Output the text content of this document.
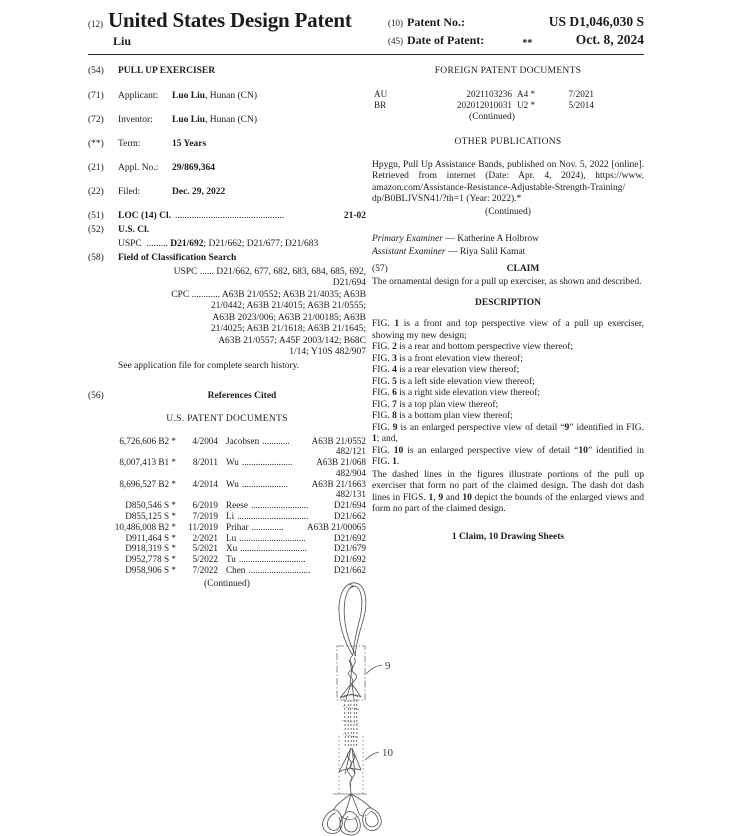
(12) United States Design Patent
Liu
(10) Patent No.:	US D1,046,030 S
(45) Date of Patent:	**	Oct. 8, 2024
(54)	PULL UP EXERCISER
(71)	Applicant:	Luo Liu, Hunan (CN)
(72)	Inventor:	Luo Liu, Hunan (CN)
(**)	Term:	15 Years
(21)	Appl. No.:	29/869,364
(22)	Filed:	Dec. 29, 2022
(51)	LOC (14) Cl. ..............................................	21-02
(52)	U.S. Cl.
USPC ......... D21/692; D21/662; D21/677; D21/683
(58)	Field of Classification Search
USPC ...... D21/662, 677, 682, 683, 684, 685, 692,
D21/694
CPC ............ A63B 21/0552; A63B 21/4035; A63B
21/0442; A63B 21/4015; A63B 21/0555;
A63B 2023/006; A63B 21/00185; A63B
21/4025; A63B 21/1618; A63B 21/1645;
A63B 21/0557; A45F 2003/142; B68C
1/14; Y10S 482/907
See application file for complete search history.
(56)	References Cited
U.S. PATENT DOCUMENTS
6,726,606 B2 *	4/2004 Jacobsen ............	A63B 21/0552
482/121
8,007,413 B1 *	8/2011 Wu ......................	A63B 21/068
482/904
8,696,527 B2 *	4/2014 Wu ....................	A63B 21/1663
482/131
D850,546 S *	6/2019 Reese .........................	D21/694
D855,125 S *	7/2019 Li ...............................	D21/662
10,486,008 B2 *	11/2019 Prihar ..............	A63B 21/00065
D911,464 S *	2/2021 Lu .............................	D21/692
D918,319 S *	5/2021 Xu .............................	D21/679
D952,778 S *	5/2022 Tu .............................	D21/692
D958,906 S *	7/2022 Chen ...........................	D21/662
(Continued)
FOREIGN PATENT DOCUMENTS
AU	2021103236 A4 *	7/2021
BR	202012010031 U2 *	5/2014
(Continued)
OTHER PUBLICATIONS
Hpygn, Pull Up Assistance Bands, published on Nov. 5, 2022 [online]. Retrieved from internet (Date: Apr. 4, 2024), https://www. amazon.com/Assistance-Resistance-Adjustable-Strength-Training/ dp/B0BLJVSN41/?th=1 (Year: 2022).*
(Continued)
Primary Examiner — Katherine A Holbrow
Assistant Examiner — Riya Salil Kamat
(57)	CLAIM
The ornamental design for a pull up exerciser, as shown and described.
DESCRIPTION
FIG. 1 is a front and top perspective view of a pull up exerciser, showing my new design;
FIG. 2 is a rear and bottom perspective view thereof;
FIG. 3 is a front elevation view thereof;
FIG. 4 is a rear elevation view thereof;
FIG. 5 is a left side elevation view thereof;
FIG. 6 is a right side elevation view thereof;
FIG. 7 is a top plan view thereof;
FIG. 8 is a bottom plan view thereof;
FIG. 9 is an enlarged perspective view of detail “9” identified in FIG. 1; and,
FIG. 10 is an enlarged perspective view of detail “10” identified in FIG. 1.
The dashed lines in the figures illustrate portions of the pull up exerciser that form no part of the claimed design. The dash dot dash lines in FIGS. 1, 9 and 10 depict the bounds of the enlarged views and form no part of the claimed design.
1 Claim, 10 Drawing Sheets
9
10
